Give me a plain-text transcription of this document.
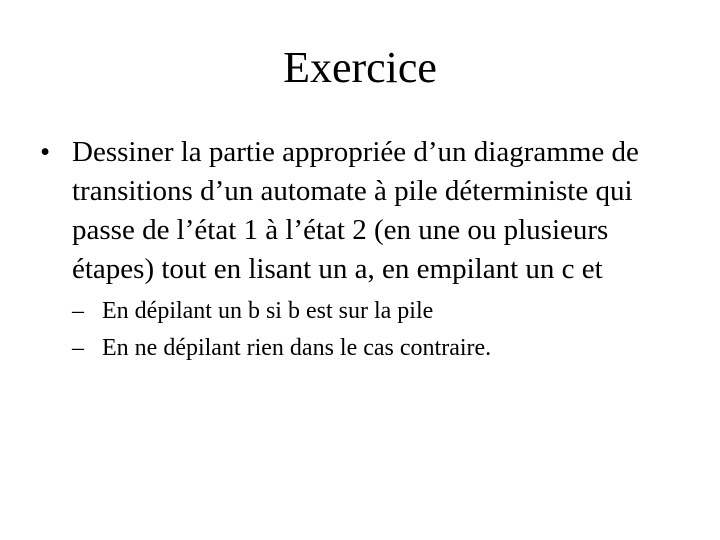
Exercice
• Dessiner la partie appropriée d’un diagramme de transitions d’un automate à pile déterministe qui passe de l’état 1 à l’état 2 (en une ou plusieurs étapes) tout en lisant un a, en empilant un c et
– En dépilant un b si b est sur la pile
– En ne dépilant rien dans le cas contraire.
